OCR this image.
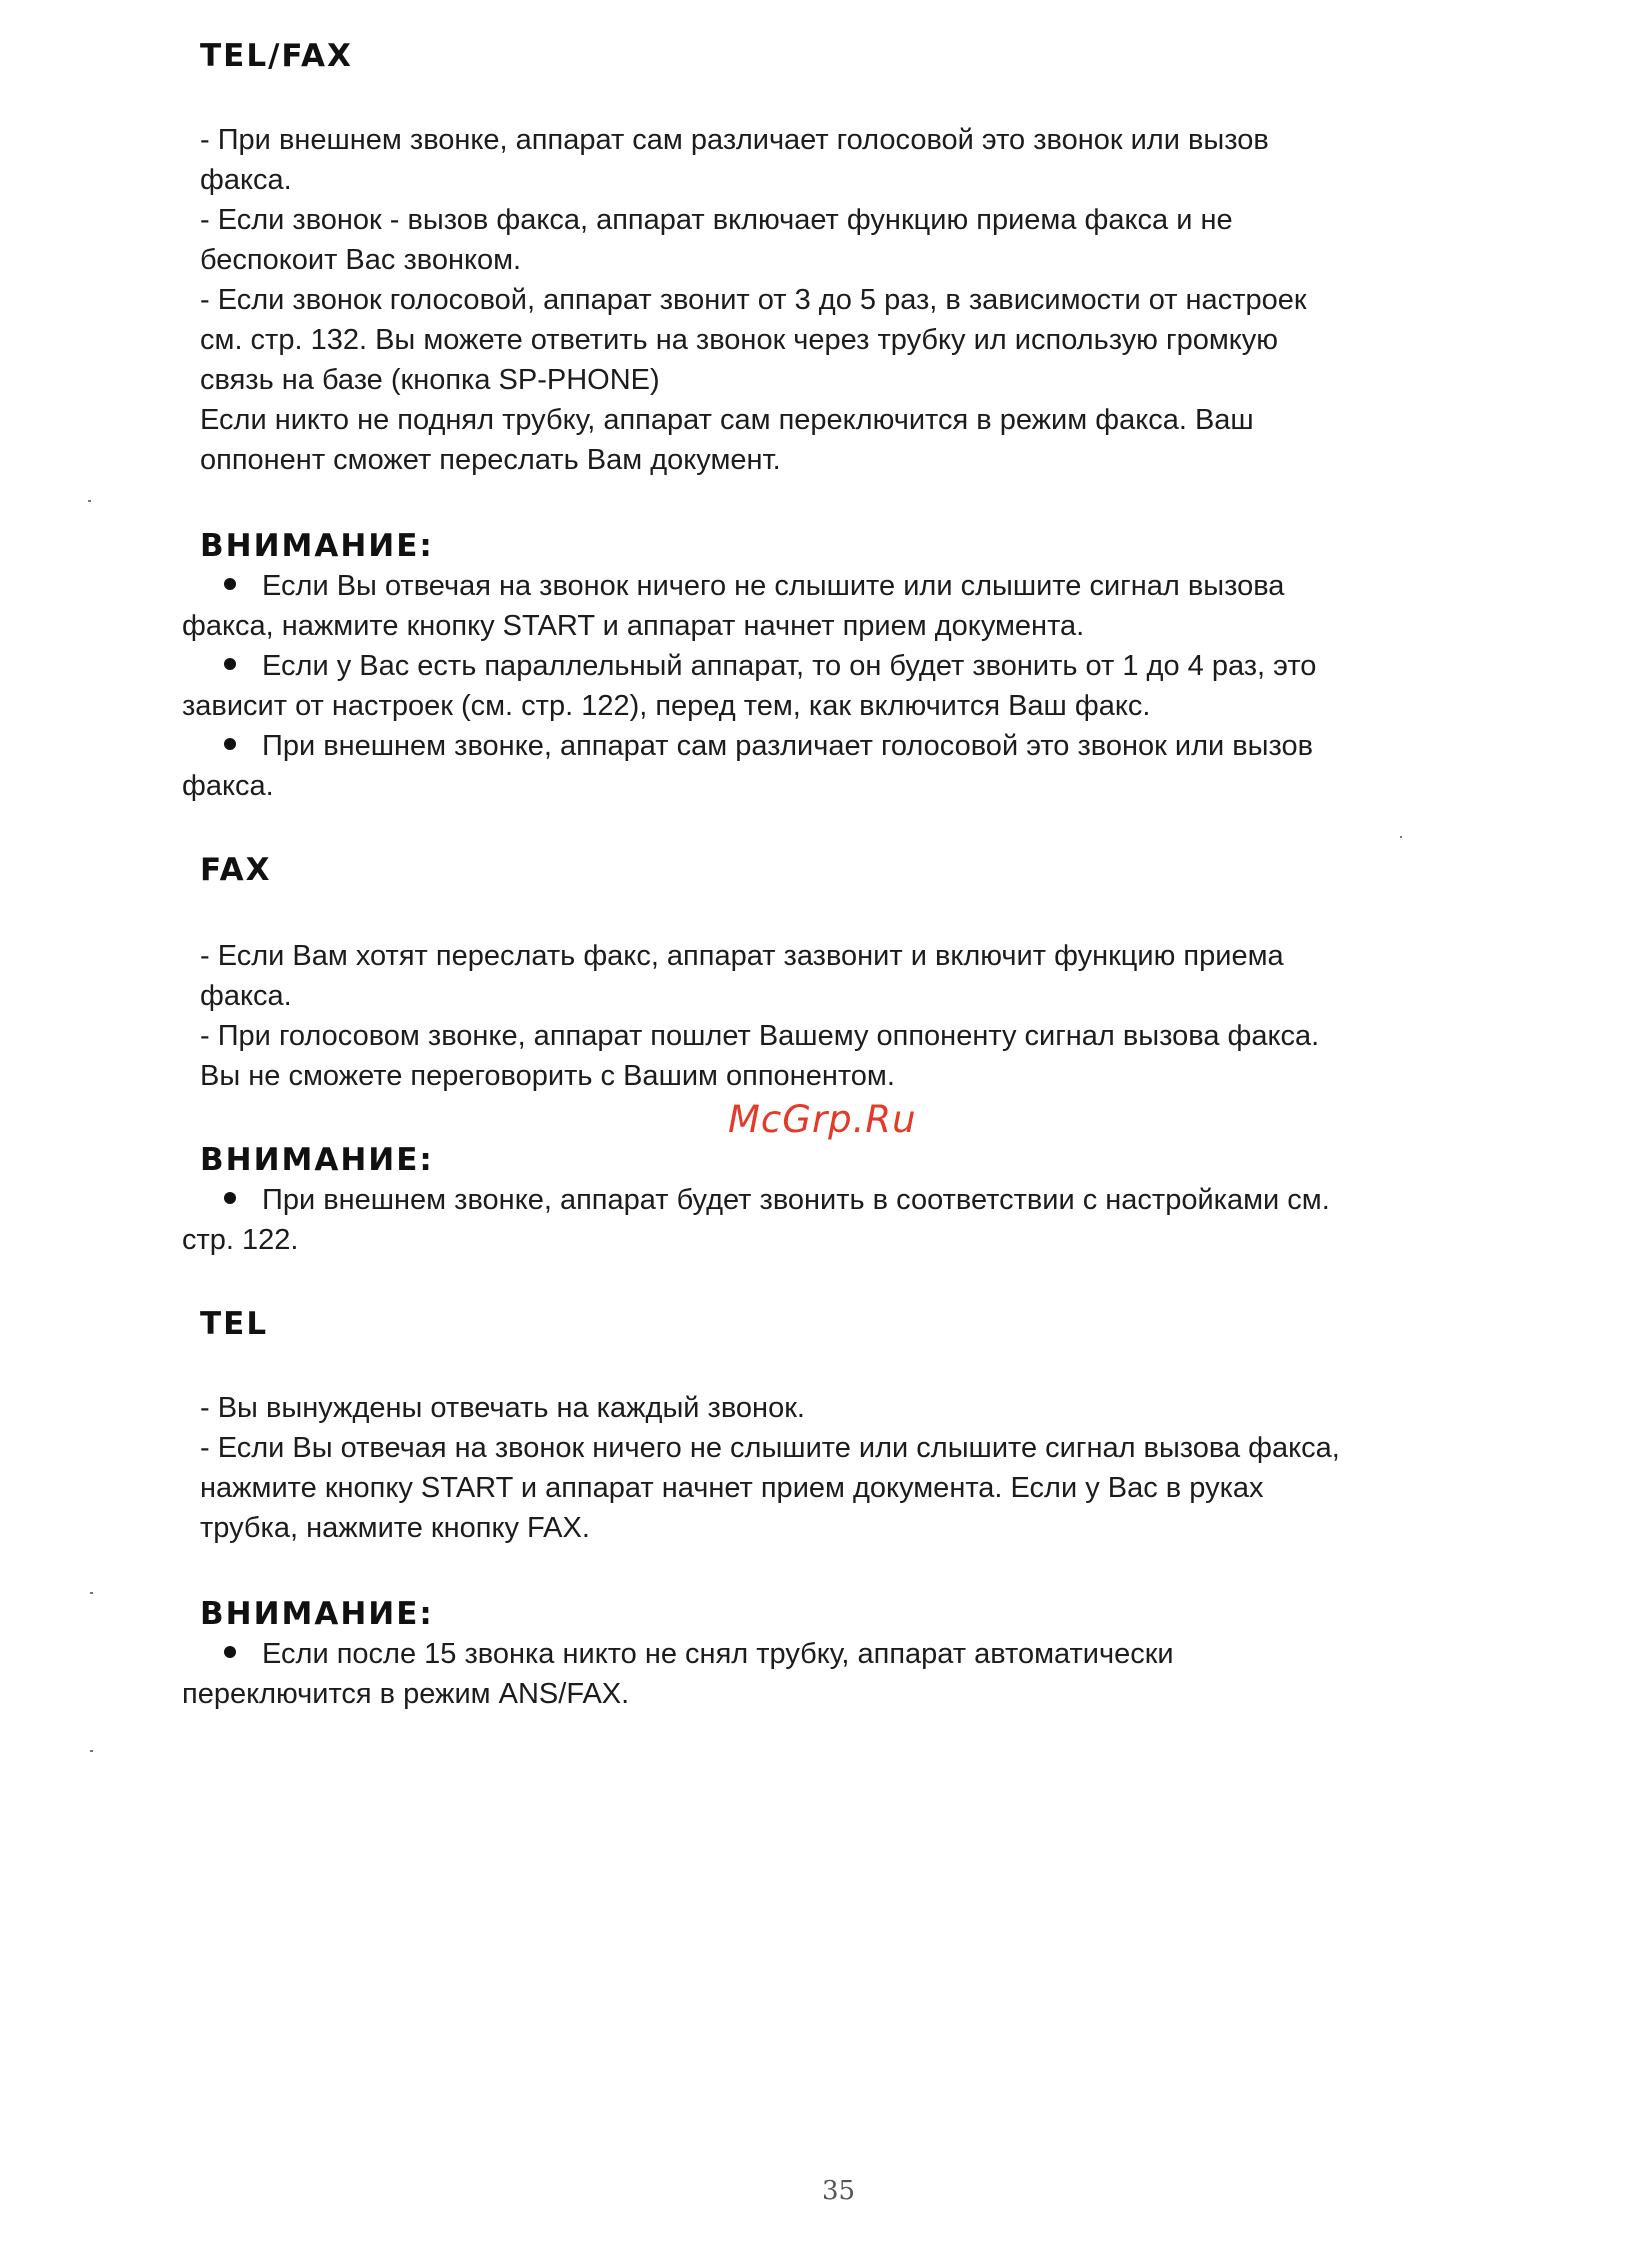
TEL/FAX
- При внешнем звонке, аппарат сам различает голосовой это звонок или вызов
факса.
- Если звонок - вызов факса, аппарат включает функцию приема факса и не
беспокоит Вас звонком.
- Если звонок голосовой, аппарат звонит от 3 до 5 раз, в зависимости от настроек
см. стр. 132. Вы можете ответить на звонок через трубку ил использую громкую
связь на базе (кнопка SP-PHONE)
Если никто не поднял трубку, аппарат сам переключится в режим факса. Ваш
оппонент сможет переслать Вам документ.
ВНИМАНИЕ:
Если Вы отвечая на звонок ничего не слышите или слышите сигнал вызова
факса, нажмите кнопку START и аппарат начнет прием документа.
Если у Вас есть параллельный аппарат, то он будет звонить от 1 до 4 раз, это
зависит от настроек (см. стр. 122), перед тем, как включится Ваш факс.
При внешнем звонке, аппарат сам различает голосовой это звонок или вызов
факса.
FAX
- Если Вам хотят переслать факс, аппарат зазвонит и включит функцию приема
факса.
- При голосовом звонке, аппарат пошлет Вашему оппоненту сигнал вызова факса.
Вы не сможете переговорить с Вашим оппонентом.
ВНИМАНИЕ:
При внешнем звонке, аппарат будет звонить в соответствии с настройками см.
стр. 122.
TEL
- Вы вынуждены отвечать на каждый звонок.
- Если Вы отвечая на звонок ничего не слышите или слышите сигнал вызова факса,
нажмите кнопку START и аппарат начнет прием документа. Если у Вас в руках
трубка, нажмите кнопку FAX.
ВНИМАНИЕ:
Если после 15 звонка никто не снял трубку, аппарат автоматически
переключится в режим ANS/FAX.
McGrp.Ru
35
